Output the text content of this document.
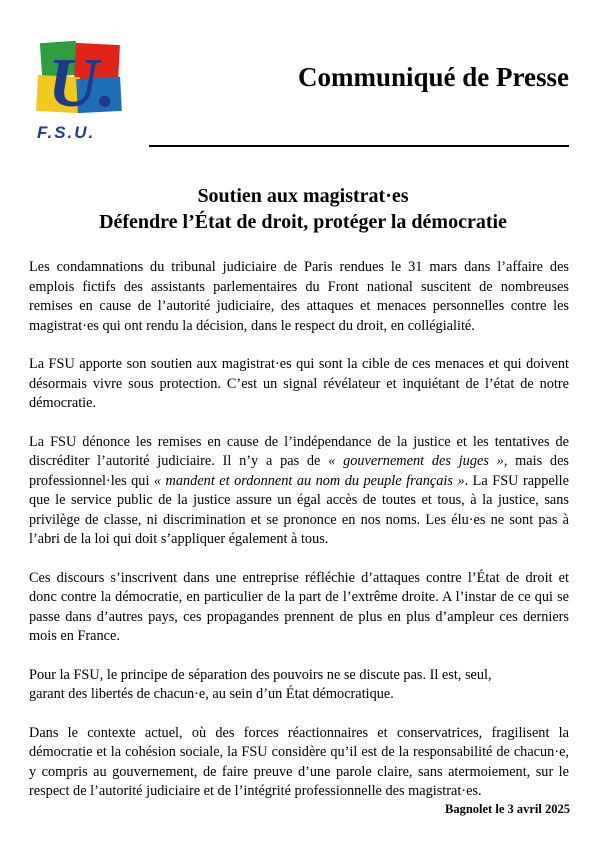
U.
F.S.U.
Communiqué de Presse
Soutien aux magistrat·es
Défendre l’État de droit, protéger la démocratie

Les condamnations du tribunal judiciaire de Paris rendues le 31 mars dans l’affaire des emplois fictifs des assistants parlementaires du Front national suscitent de nombreuses remises en cause de l’autorité judiciaire, des attaques et menaces personnelles contre les magistrat·es qui ont rendu la décision, dans le respect du droit, en collégialité.

La FSU apporte son soutien aux magistrat·es qui sont la cible de ces menaces et qui doivent désormais vivre sous protection. C’est un signal révélateur et inquiétant de l’état de notre démocratie.

La FSU dénonce les remises en cause de l’indépendance de la justice et les tentatives de discréditer l’autorité judiciaire. Il n’y a pas de « gouvernement des juges », mais des professionnel·les qui « mandent et ordonnent au nom du peuple français ». La FSU rappelle que le service public de la justice assure un égal accès de toutes et tous, à la justice, sans privilège de classe, ni discrimination et se prononce en nos noms. Les élu·es ne sont pas à l’abri de la loi qui doit s’appliquer également à tous.

Ces discours s’inscrivent dans une entreprise réfléchie d’attaques contre l’État de droit et donc contre la démocratie, en particulier de la part de l’extrême droite. A l’instar de ce qui se passe dans d’autres pays, ces propagandes prennent de plus en plus d’ampleur ces derniers mois en France.

Pour la FSU, le principe de séparation des pouvoirs ne se discute pas. Il est, seul,
garant des libertés de chacun·e, au sein d’un État démocratique.

Dans le contexte actuel, où des forces réactionnaires et conservatrices, fragilisent la démocratie et la cohésion sociale, la FSU considère qu’il est de la responsabilité de chacun·e, y compris au gouvernement, de faire preuve d’une parole claire, sans atermoiement, sur le respect de l’autorité judiciaire et de l’intégrité professionnelle des magistrat·es.

Bagnolet le 3 avril 2025
